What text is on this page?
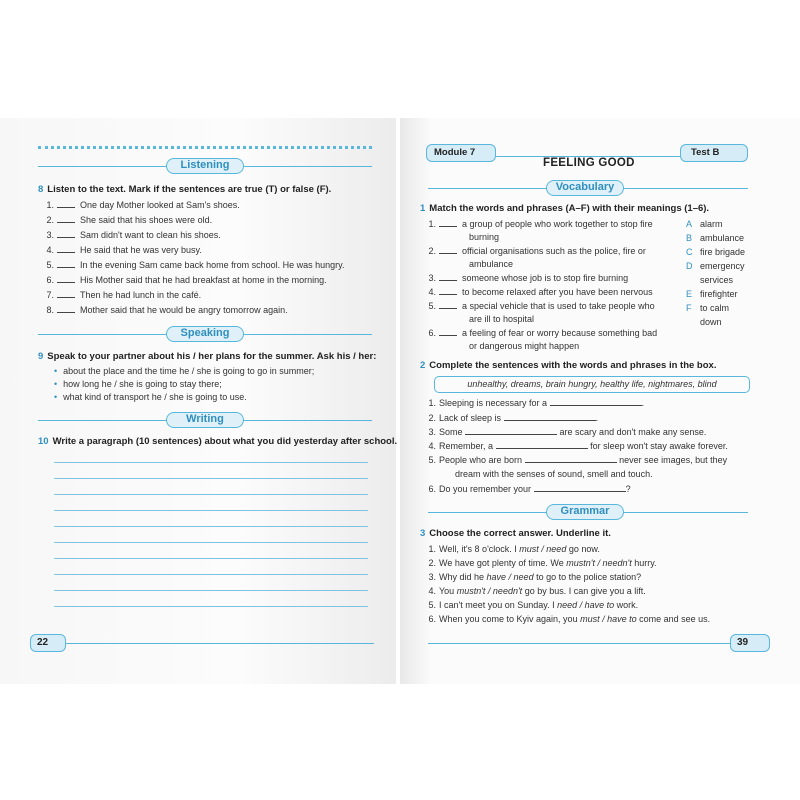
Listening
8 Listen to the text. Mark if the sentences are true (T) or false (F).
1.	One day Mother looked at Sam's shoes.
2.	She said that his shoes were old.
3.	Sam didn't want to clean his shoes.
4.	He said that he was very busy.
5.	In the evening Sam came back home from school. He was hungry.
6.	His Mother said that he had breakfast at home in the morning.
7.	Then he had lunch in the café.
8.	Mother said that he would be angry tomorrow again.
Speaking
9 Speak to your partner about his / her plans for the summer. Ask his / her:
• about the place and the time he / she is going to go in summer;
• how long he / she is going to stay there;
• what kind of transport he / she is going to use.
Writing
10 Write a paragraph (10 sentences) about what you did yesterday after school.
22
Module 7	Test B
FEELING GOOD
Vocabulary
1 Match the words and phrases (A–F) with their meanings (1–6).
1.	a group of people who work together to stop fire
burning
2.	official organisations such as the police, fire or
ambulance
3.	someone whose job is to stop fire burning
4.	to become relaxed after you have been nervous
5.	a special vehicle that is used to take people who
are ill to hospital
6.	a feeling of fear or worry because something bad
or dangerous might happen
A alarm
B ambulance
C fire brigade
D emergency
services
E firefighter
F to calm
down
2 Complete the sentences with the words and phrases in the box.
unhealthy, dreams, brain hungry, healthy life, nightmares, blind
1. Sleeping is necessary for a	.
2. Lack of sleep is	.
3. Some	are scary and don't make any sense.
4. Remember, a	for sleep won't stay awake forever.
5. People who are born	never see images, but they
dream with the senses of sound, smell and touch.
6. Do you remember your	?
Grammar
3 Choose the correct answer. Underline it.
1. Well, it's 8 o'clock. I must / need go now.
2. We have got plenty of time. We mustn't / needn't hurry.
3. Why did he have / need to go to the police station?
4. You mustn't / needn't go by bus. I can give you a lift.
5. I can't meet you on Sunday. I need / have to work.
6. When you come to Kyiv again, you must / have to come and see us.
39
